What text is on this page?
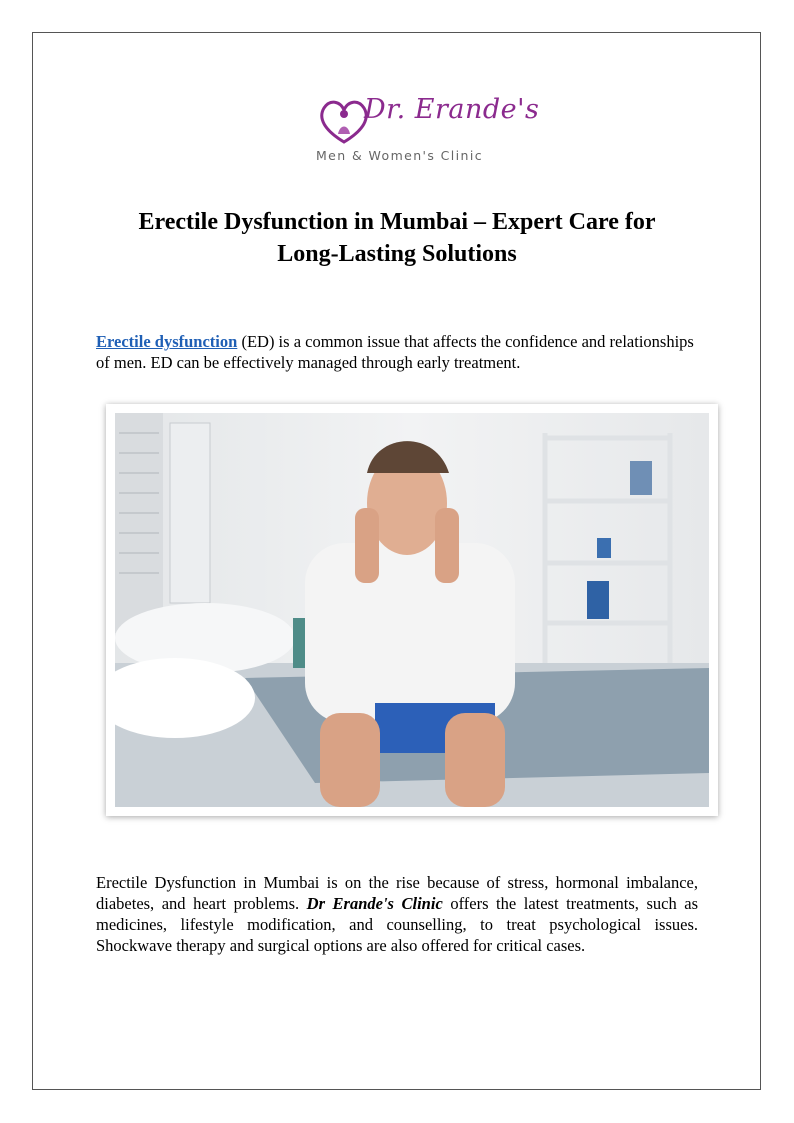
Dr. Erande's
Men & Women's Clinic
Erectile Dysfunction in Mumbai – Expert Care for
Long-Lasting Solutions

Erectile dysfunction (ED) is a common issue that affects the confidence and relationships of men. ED can be effectively managed through early treatment.

Erectile Dysfunction in Mumbai is on the rise because of stress, hormonal imbalance, diabetes, and heart problems. Dr Erande's Clinic offers the latest treatments, such as medicines, lifestyle modification, and counselling, to treat psychological issues. Shockwave therapy and surgical options are also offered for critical cases.
